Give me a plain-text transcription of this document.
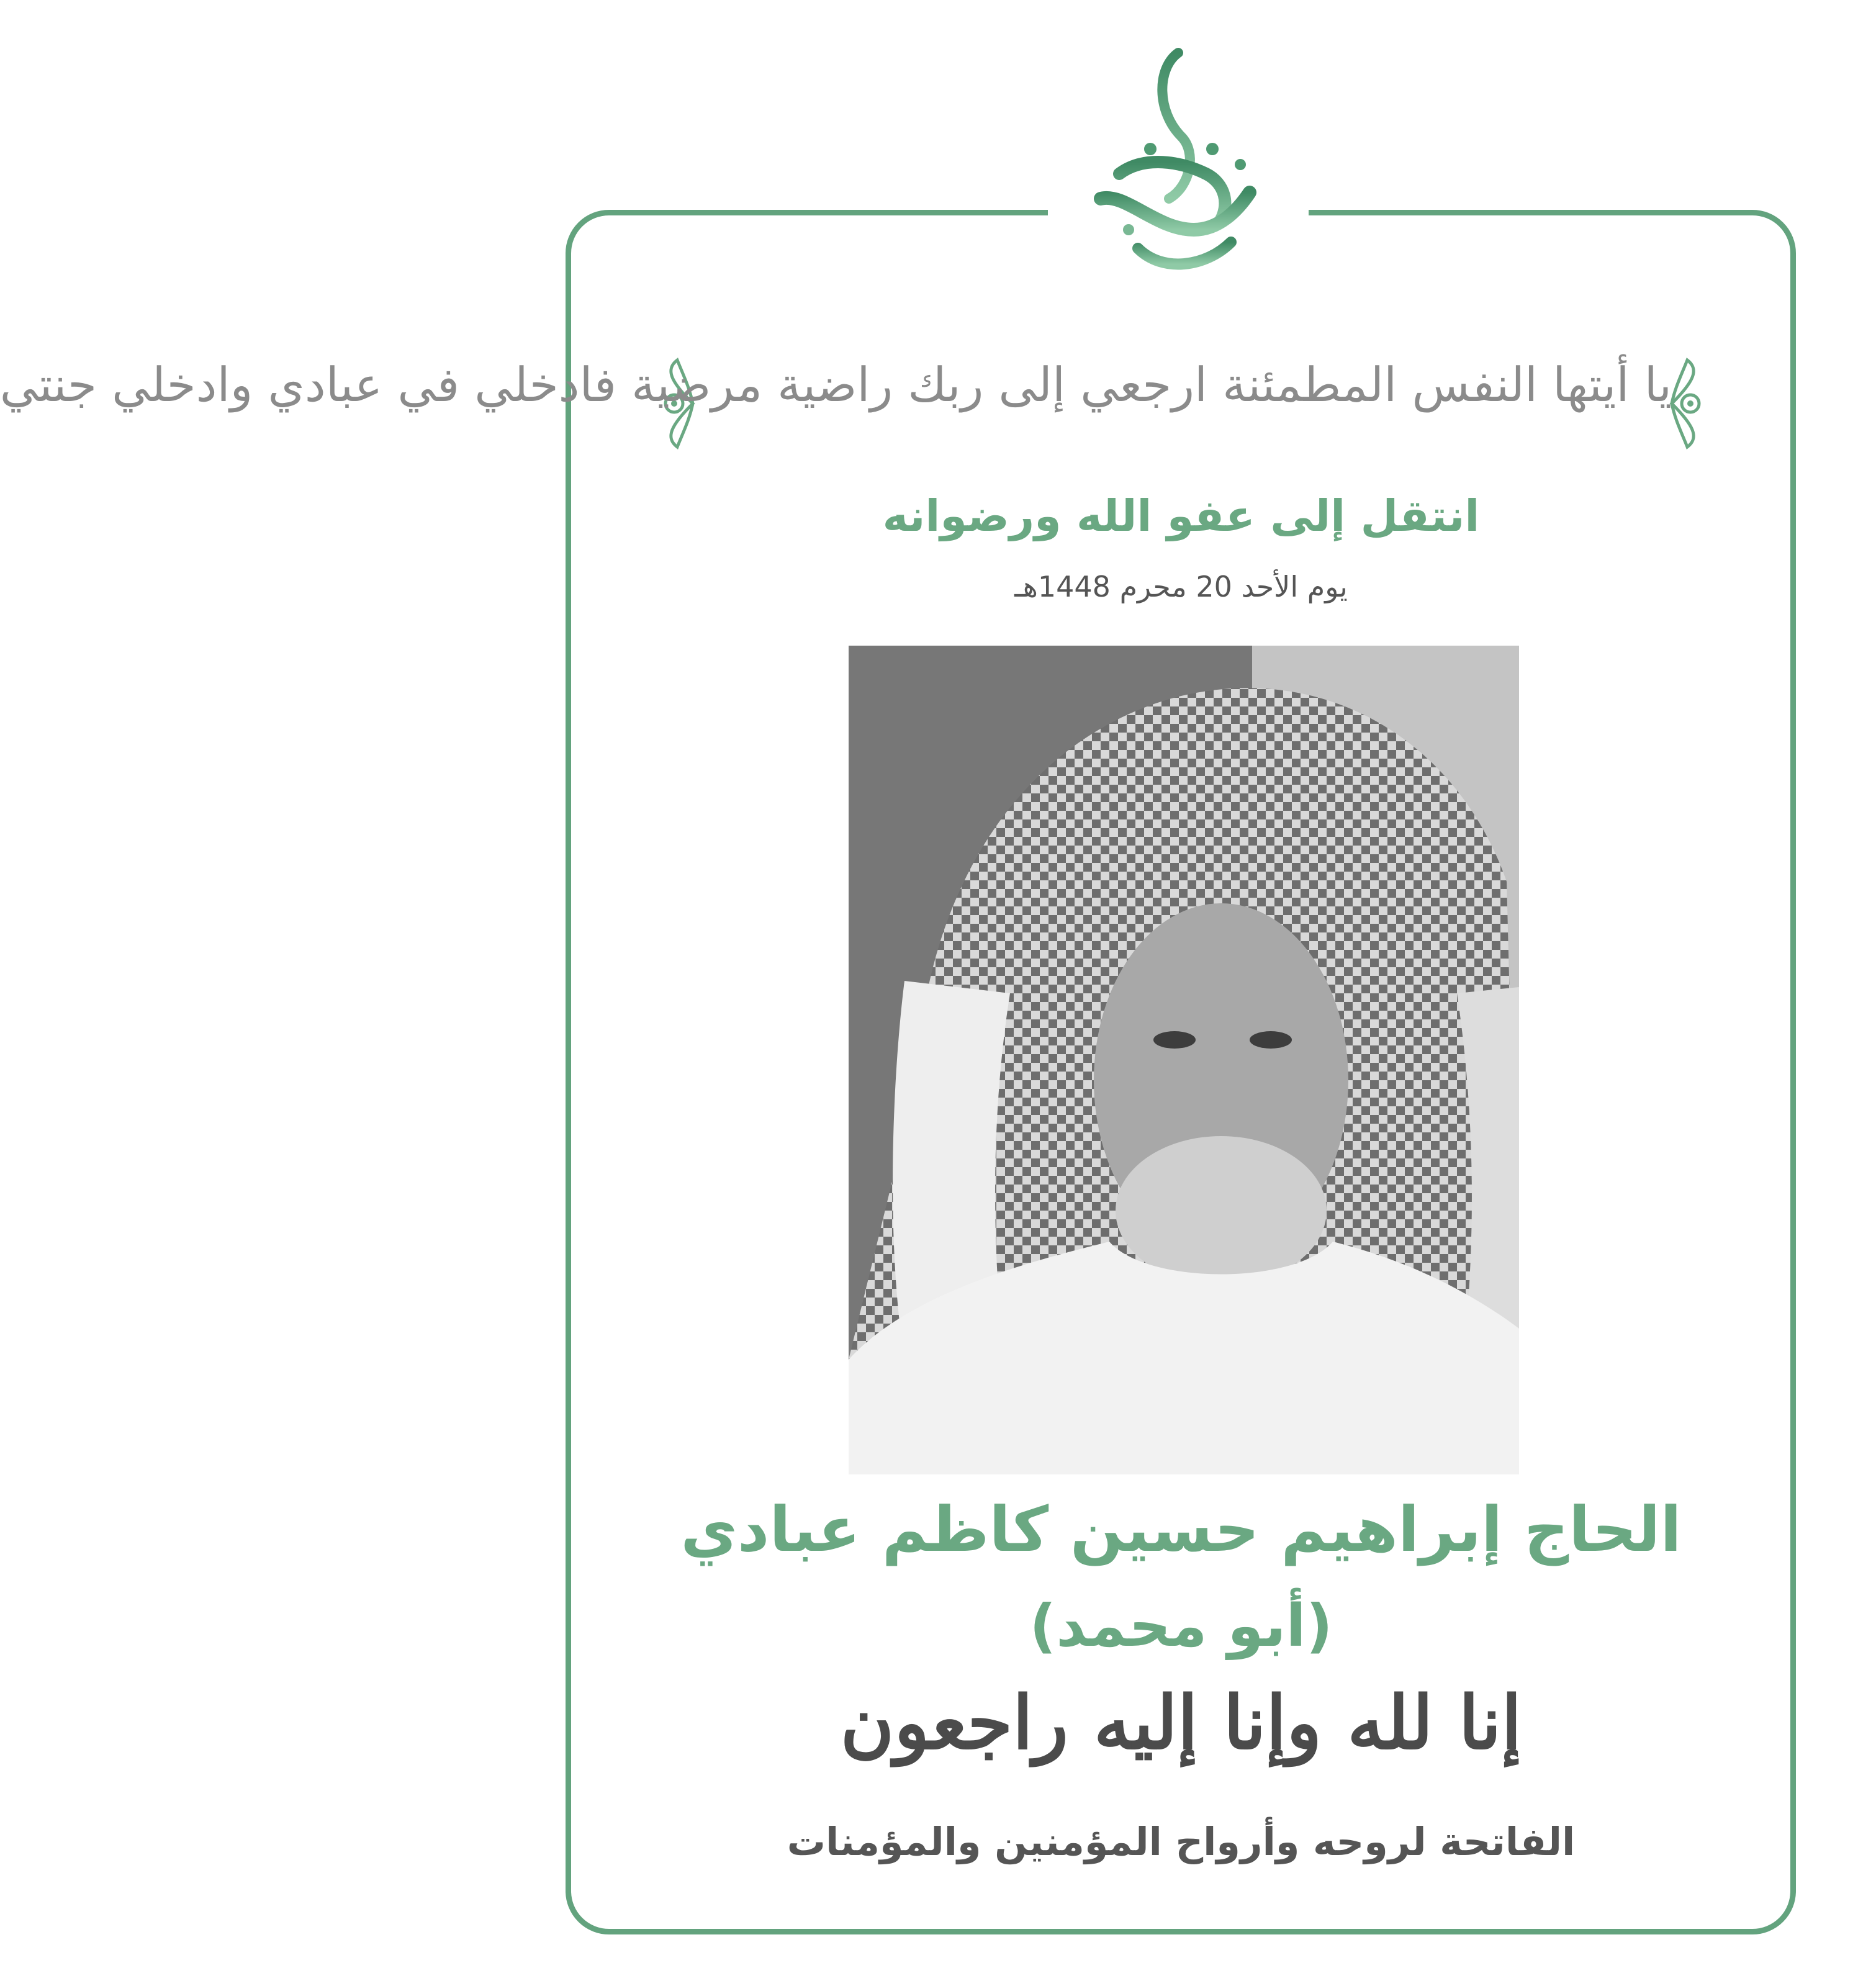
يا أيتها النفس المطمئنة ارجعي إلى ربك راضية مرضية فادخلي في عبادي وادخلي جنتي
انتقل إلى عفو الله ورضوانه
يوم الأحد 20 محرم 1448هـ
الحاج إبراهيم حسين كاظم عبادي
(أبو محمد)
إنا لله وإنا إليه راجعون
الفاتحة لروحه وأرواح المؤمنين والمؤمنات
